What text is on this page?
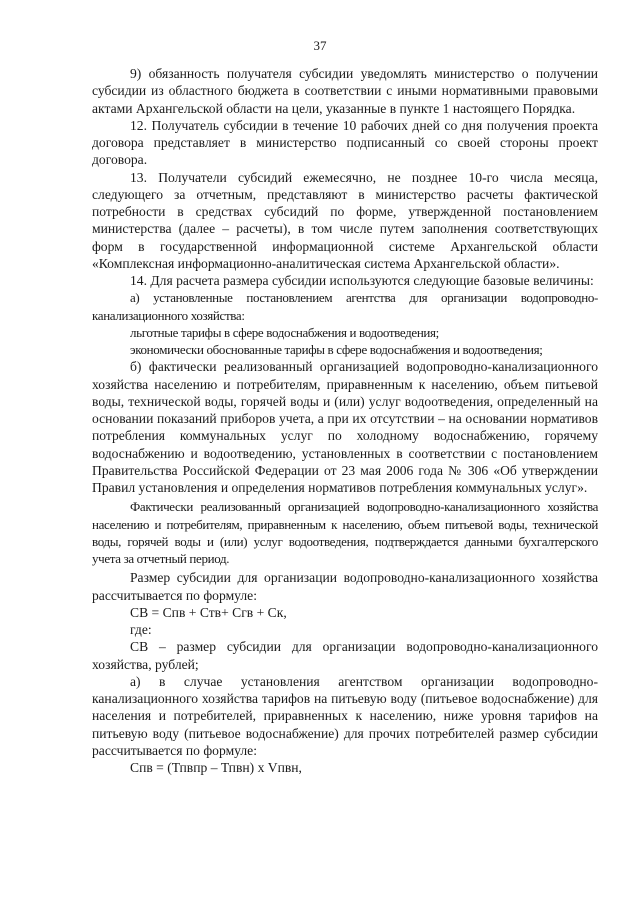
37

9) обязанность получателя субсидии уведомлять министерство о получении субсидии из областного бюджета в соответствии с иными нормативными правовыми актами Архангельской области на цели, указанные в пункте 1 настоящего Порядка.

12. Получатель субсидии в течение 10 рабочих дней со дня получения проекта договора представляет в министерство подписанный со своей стороны проект договора.

13. Получатели субсидий ежемесячно, не позднее 10-го числа месяца, следующего за отчетным, представляют в министерство расчеты фактической потребности в средствах субсидий по форме, утвержденной постановлением министерства (далее – расчеты), в том числе путем заполнения соответствующих форм в государственной информационной системе Архангельской области «Комплексная информационно-аналитическая система Архангельской области».

14. Для расчета размера субсидии используются следующие базовые величины:

а) установленные постановлением агентства для организации водопроводно-канализационного хозяйства:

льготные тарифы в сфере водоснабжения и водоотведения;

экономически обоснованные тарифы в сфере водоснабжения и водоотведения;

б) фактически реализованный организацией водопроводно-канализационного хозяйства населению и потребителям, приравненным к населению, объем питьевой воды, технической воды, горячей воды и (или) услуг водоотведения, определенный на основании показаний приборов учета, а при их отсутствии – на основании нормативов потребления коммунальных услуг по холодному водоснабжению, горячему водоснабжению и водоотведению, установленных в соответствии с постановлением Правительства Российской Федерации от 23 мая 2006 года № 306 «Об утверждении Правил установления и определения нормативов потребления коммунальных услуг».

Фактически реализованный организацией водопроводно-канализационного хозяйства населению и потребителям, приравненным к населению, объем питьевой воды, технической воды, горячей воды и (или) услуг водоотведения, подтверждается данными бухгалтерского учета за отчетный период.

Размер субсидии для организации водопроводно-канализационного хозяйства рассчитывается по формуле:

СВ = Спв + Ств+ Сгв + Ск,

где:

СВ – размер субсидии для организации водопроводно-канализационного хозяйства, рублей;

а) в случае установления агентством организации водопроводно-канализационного хозяйства тарифов на питьевую воду (питьевое водоснабжение) для населения и потребителей, приравненных к населению, ниже уровня тарифов на питьевую воду (питьевое водоснабжение) для прочих потребителей размер субсидии рассчитывается по формуле:

Спв = (Тпвпр – Тпвн) х Vпвн,
